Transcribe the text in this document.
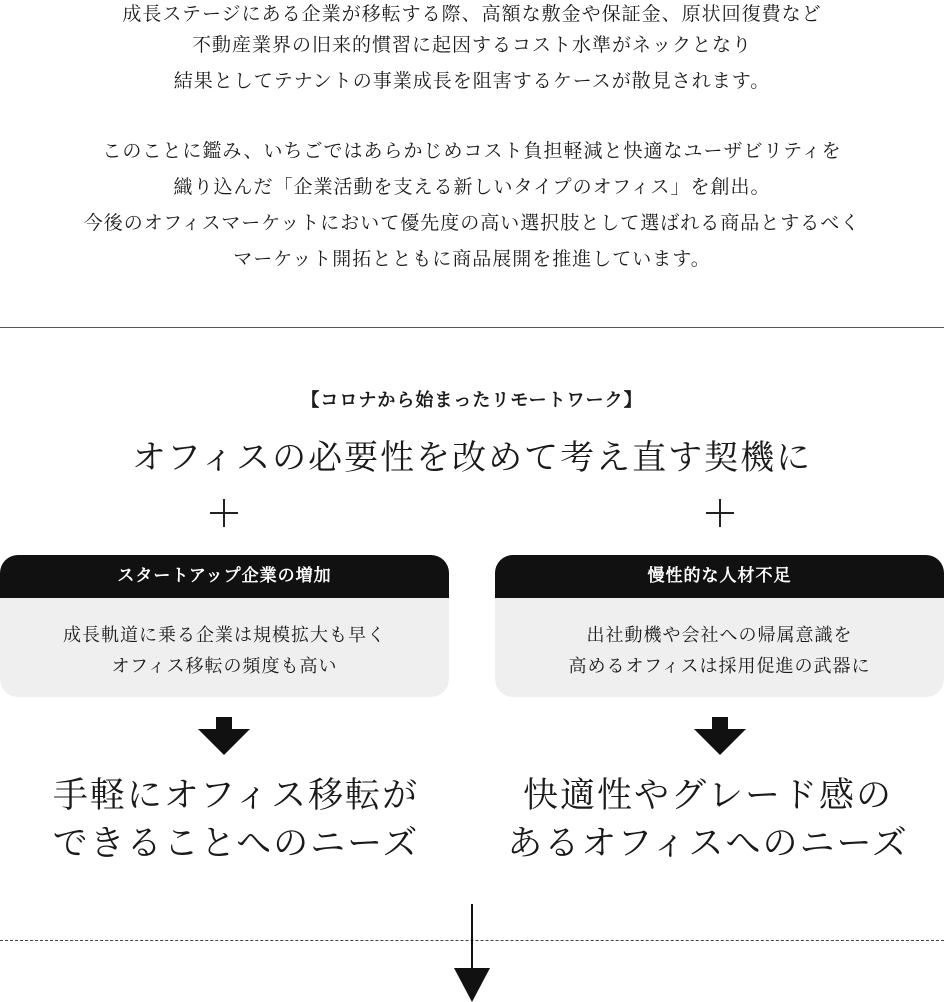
成長ステージにある企業が移転する際、高額な敷金や保証金、原状回復費など
不動産業界の旧来的慣習に起因するコスト水準がネックとなり
結果としてテナントの事業成長を阻害するケースが散見されます。
このことに鑑み、いちごではあらかじめコスト負担軽減と快適なユーザビリティを
織り込んだ「企業活動を支える新しいタイプのオフィス」を創出。
今後のオフィスマーケットにおいて優先度の高い選択肢として選ばれる商品とするべく
マーケット開拓とともに商品展開を推進しています。
【コロナから始まったリモートワーク】
オフィスの必要性を改めて考え直す契機に
スタートアップ企業の増加
成長軌道に乗る企業は規模拡大も早く
オフィス移転の頻度も高い
慢性的な人材不足
出社動機や会社への帰属意識を
高めるオフィスは採用促進の武器に
手軽にオフィス移転が
できることへのニーズ
快適性やグレード感の
あるオフィスへのニーズ
